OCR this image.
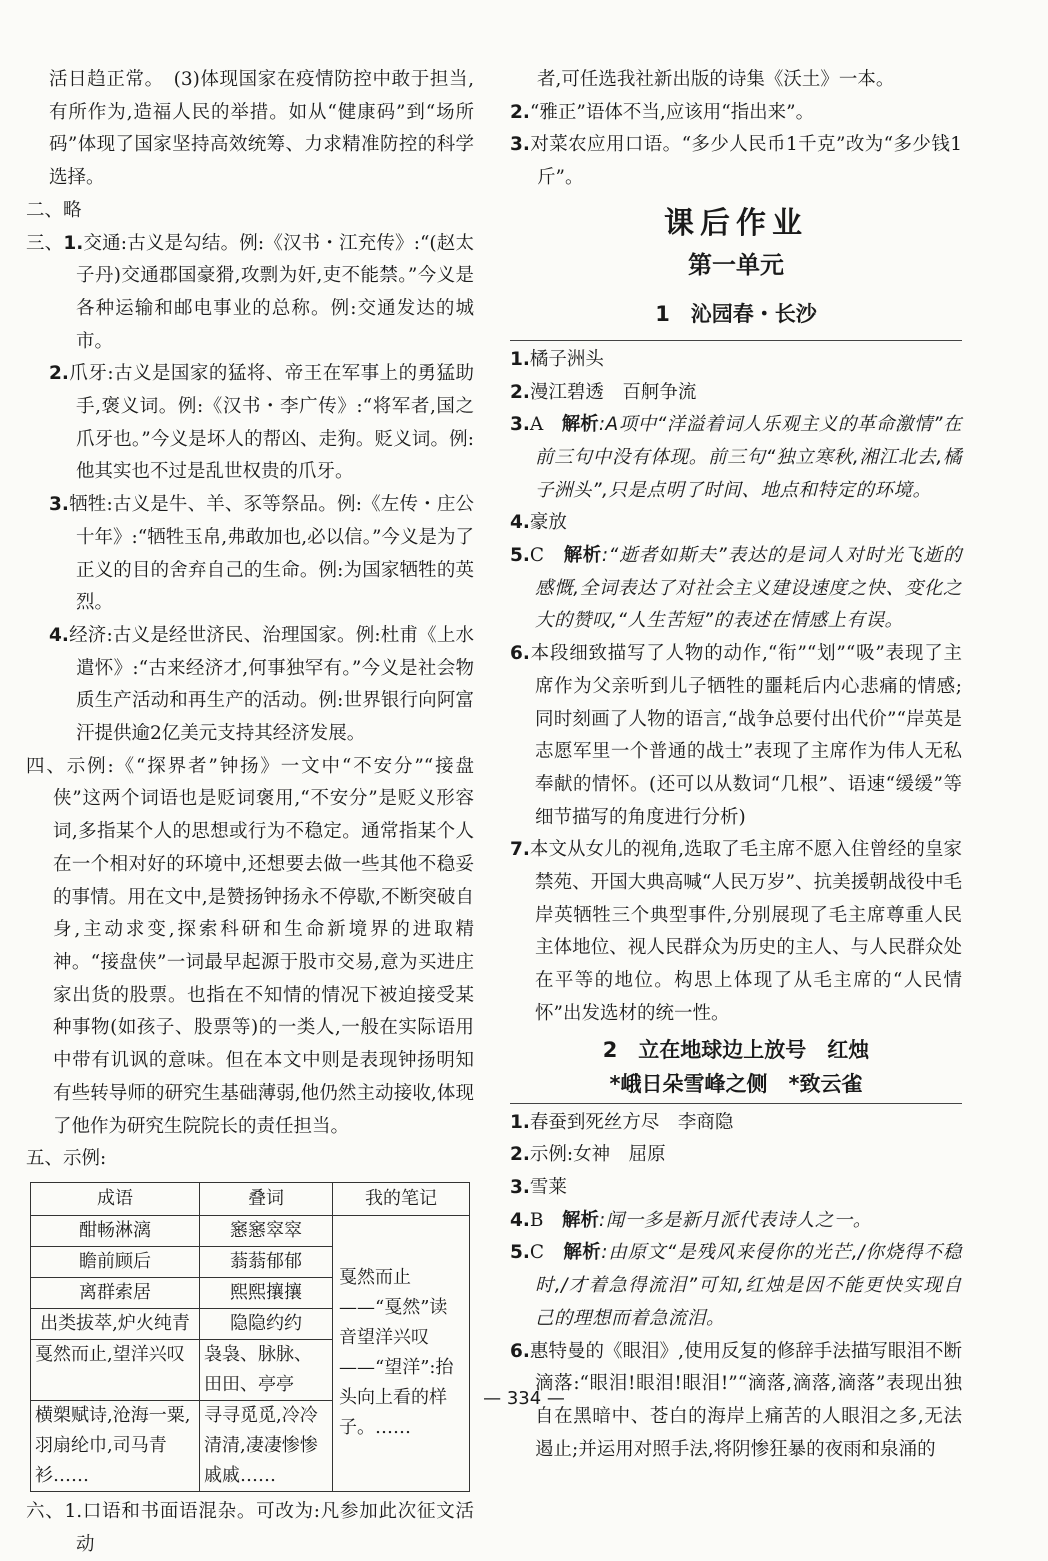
活日趋正常。　(3)体现国家在疫情防控中敢于担当,有所作为,造福人民的举措。如从“健康码”到“场所码”体现了国家坚持高效统筹、力求精准防控的科学选择。

二、略

三、1.交通:古义是勾结。例:《汉书・江充传》:“(赵太子丹)交通郡国豪猾,攻剽为奸,吏不能禁。”今义是各种运输和邮电事业的总称。例:交通发达的城市。

2.爪牙:古义是国家的猛将、帝王在军事上的勇猛助手,褒义词。例:《汉书・李广传》:“将军者,国之爪牙也。”今义是坏人的帮凶、走狗。贬义词。例:他其实也不过是乱世权贵的爪牙。

3.牺牲:古义是牛、羊、豕等祭品。例:《左传・庄公十年》:“牺牲玉帛,弗敢加也,必以信。”今义是为了正义的目的舍弃自己的生命。例:为国家牺牲的英烈。

4.经济:古义是经世济民、治理国家。例:杜甫《上水遣怀》:“古来经济才,何事独罕有。”今义是社会物质生产活动和再生产的活动。例:世界银行向阿富汗提供逾2亿美元支持其经济发展。

四、示例:《“探界者”钟扬》一文中“不安分”“接盘侠”这两个词语也是贬词褒用,“不安分”是贬义形容词,多指某个人的思想或行为不稳定。通常指某个人在一个相对好的环境中,还想要去做一些其他不稳妥的事情。用在文中,是赞扬钟扬永不停歇,不断突破自身,主动求变,探索科研和生命新境界的进取精神。“接盘侠”一词最早起源于股市交易,意为买进庄家出货的股票。也指在不知情的情况下被迫接受某种事物(如孩子、股票等)的一类人,一般在实际语用中带有讥讽的意味。但在本文中则是表现钟扬明知有些转导师的研究生基础薄弱,他仍然主动接收,体现了他作为研究生院院长的责任担当。

五、示例:

成语	叠词	我的笔记
酣畅淋漓	窸窸窣窣	戛然而止——“戛然”读音望洋兴叹——“望洋”:抬头向上看的样子。……
瞻前顾后	蓊蓊郁郁	
离群索居	熙熙攘攘	
出类拔萃,炉火纯青	隐隐约约	
戛然而止,望洋兴叹	袅袅、脉脉、田田、亭亭	
横槊赋诗,沧海一粟,羽扇纶巾,司马青衫……	寻寻觅觅,冷冷清清,凄凄惨惨戚戚……	

六、1.口语和书面语混杂。可改为:凡参加此次征文活动

者,可任选我社新出版的诗集《沃土》一本。

2.“雅正”语体不当,应该用“指出来”。

3.对菜农应用口语。“多少人民币1千克”改为“多少钱1斤”。

课后作业
第一单元
1　沁园春・长沙

1.橘子洲头

2.漫江碧透　百舸争流

3.A　 解析:A项中“洋溢着词人乐观主义的革命激情”在前三句中没有体现。前三句“独立寒秋,湘江北去,橘子洲头”,只是点明了时间、地点和特定的环境。

4.豪放

5.C　 解析:“逝者如斯夫”表达的是词人对时光飞逝的感慨,全词表达了对社会主义建设速度之快、变化之大的赞叹,“人生苦短”的表述在情感上有误。

6.本段细致描写了人物的动作,“衔”“划”“吸”表现了主席作为父亲听到儿子牺牲的噩耗后内心悲痛的情感;同时刻画了人物的语言,“战争总要付出代价”“岸英是志愿军里一个普通的战士”表现了主席作为伟人无私奉献的情怀。(还可以从数词“几根”、语速“缓缓”等细节描写的角度进行分析)

7.本文从女儿的视角,选取了毛主席不愿入住曾经的皇家禁苑、开国大典高喊“人民万岁”、抗美援朝战役中毛岸英牺牲三个典型事件,分别展现了毛主席尊重人民主体地位、视人民群众为历史的主人、与人民群众处在平等的地位。构思上体现了从毛主席的“人民情怀”出发选材的统一性。

2　立在地球边上放号　红烛
*峨日朵雪峰之侧　*致云雀

1.春蚕到死丝方尽　李商隐

2.示例:女神　屈原

3.雪莱

4.B　 解析:闻一多是新月派代表诗人之一。

5.C　 解析:由原文“是残风来侵你的光芒,/你烧得不稳时,/才着急得流泪”可知,红烛是因不能更快实现自己的理想而着急流泪。

6.惠特曼的《眼泪》,使用反复的修辞手法描写眼泪不断滴落:“眼泪!眼泪!眼泪!”“滴落,滴落,滴落”表现出独自在黑暗中、苍白的海岸上痛苦的人眼泪之多,无法遏止;并运用对照手法,将阴惨狂暴的夜雨和泉涌的

— 334 —
